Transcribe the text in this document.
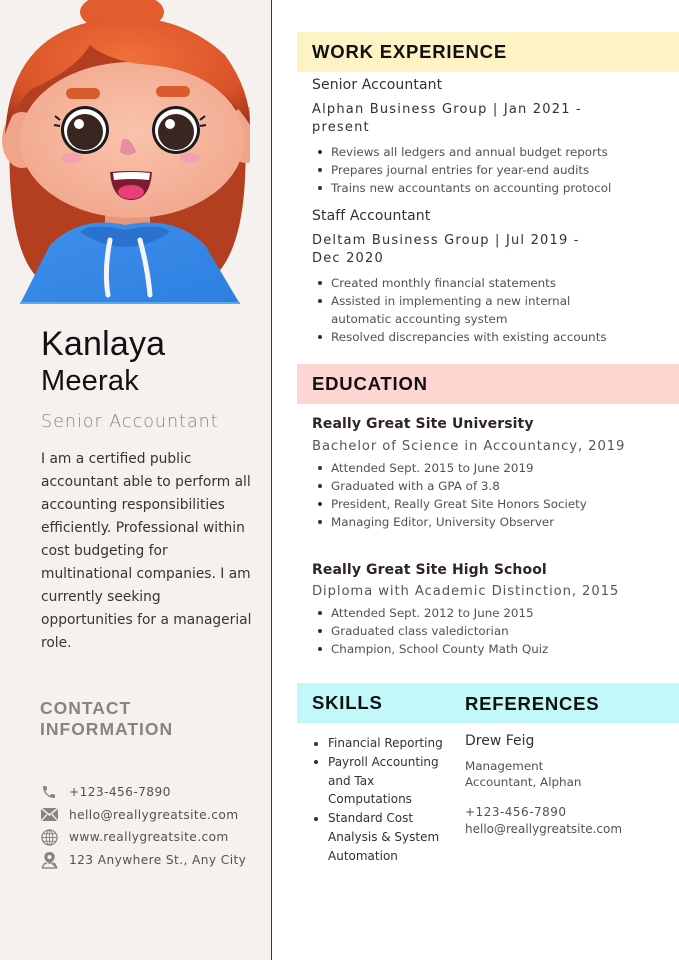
Kanlaya
Meerak
Senior Accountant

I am a certified public accountant able to perform all accounting responsibilities efficiently. Professional within cost budgeting for multinational companies. I am currently seeking opportunities for a managerial role.

CONTACT
INFORMATION
+123-456-7890
hello@reallygreatsite.com
www.reallygreatsite.com
123 Anywhere St., Any City
WORK EXPERIENCE
Senior Accountant
Alphan Business Group | Jan 2021 -
present
Reviews all ledgers and annual budget reports
Prepares journal entries for year-end audits
Trains new accountants on accounting protocol
Staff Accountant
Deltam Business Group | Jul 2019 -
Dec 2020
Created monthly financial statements
Assisted in implementing a new internal automatic accounting system
Resolved discrepancies with existing accounts
EDUCATION
Really Great Site University
Bachelor of Science in Accountancy, 2019
Attended Sept. 2015 to June 2019
Graduated with a GPA of 3.8
President, Really Great Site Honors Society
Managing Editor, University Observer
Really Great Site High School
Diploma with Academic Distinction, 2015
Attended Sept. 2012 to June 2015
Graduated class valedictorian
Champion, School County Math Quiz
SKILLS	REFERENCES
Financial Reporting
Payroll Accounting and Tax Computations
Standard Cost Analysis & System Automation
Drew Feig
Management Accountant, Alphan
+123-456-7890
hello@reallygreatsite.com
